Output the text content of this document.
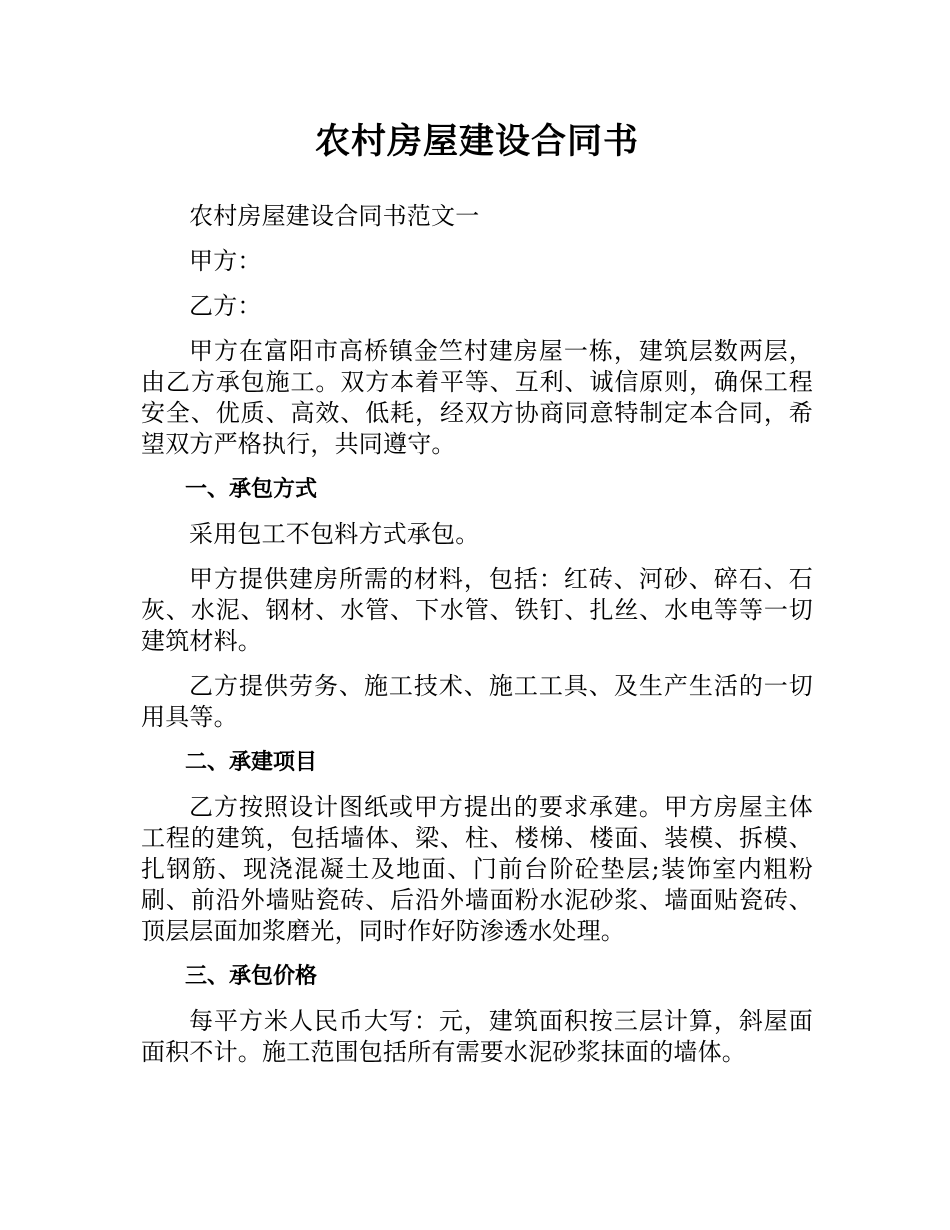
农村房屋建设合同书

农村房屋建设合同书范文一

甲方：

乙方：

甲方在富阳市高桥镇金竺村建房屋一栋，建筑层数两层，由乙方承包施工。双方本着平等、互利、诚信原则，确保工程安全、优质、高效、低耗，经双方协商同意特制定本合同，希望双方严格执行，共同遵守。

一、承包方式

采用包工不包料方式承包。

甲方提供建房所需的材料，包括：红砖、河砂、碎石、石灰、水泥、钢材、水管、下水管、铁钉、扎丝、水电等等一切建筑材料。

乙方提供劳务、施工技术、施工工具、及生产生活的一切用具等。

二、承建项目

乙方按照设计图纸或甲方提出的要求承建。甲方房屋主体工程的建筑，包括墙体、梁、柱、楼梯、楼面、装模、拆模、扎钢筋、现浇混凝土及地面、门前台阶砼垫层;装饰室内粗粉刷、前沿外墙贴瓷砖、后沿外墙面粉水泥砂浆、墙面贴瓷砖、顶层层面加浆磨光，同时作好防渗透水处理。

三、承包价格

每平方米人民币大写：元，建筑面积按三层计算，斜屋面面积不计。施工范围包括所有需要水泥砂浆抹面的墙体。
